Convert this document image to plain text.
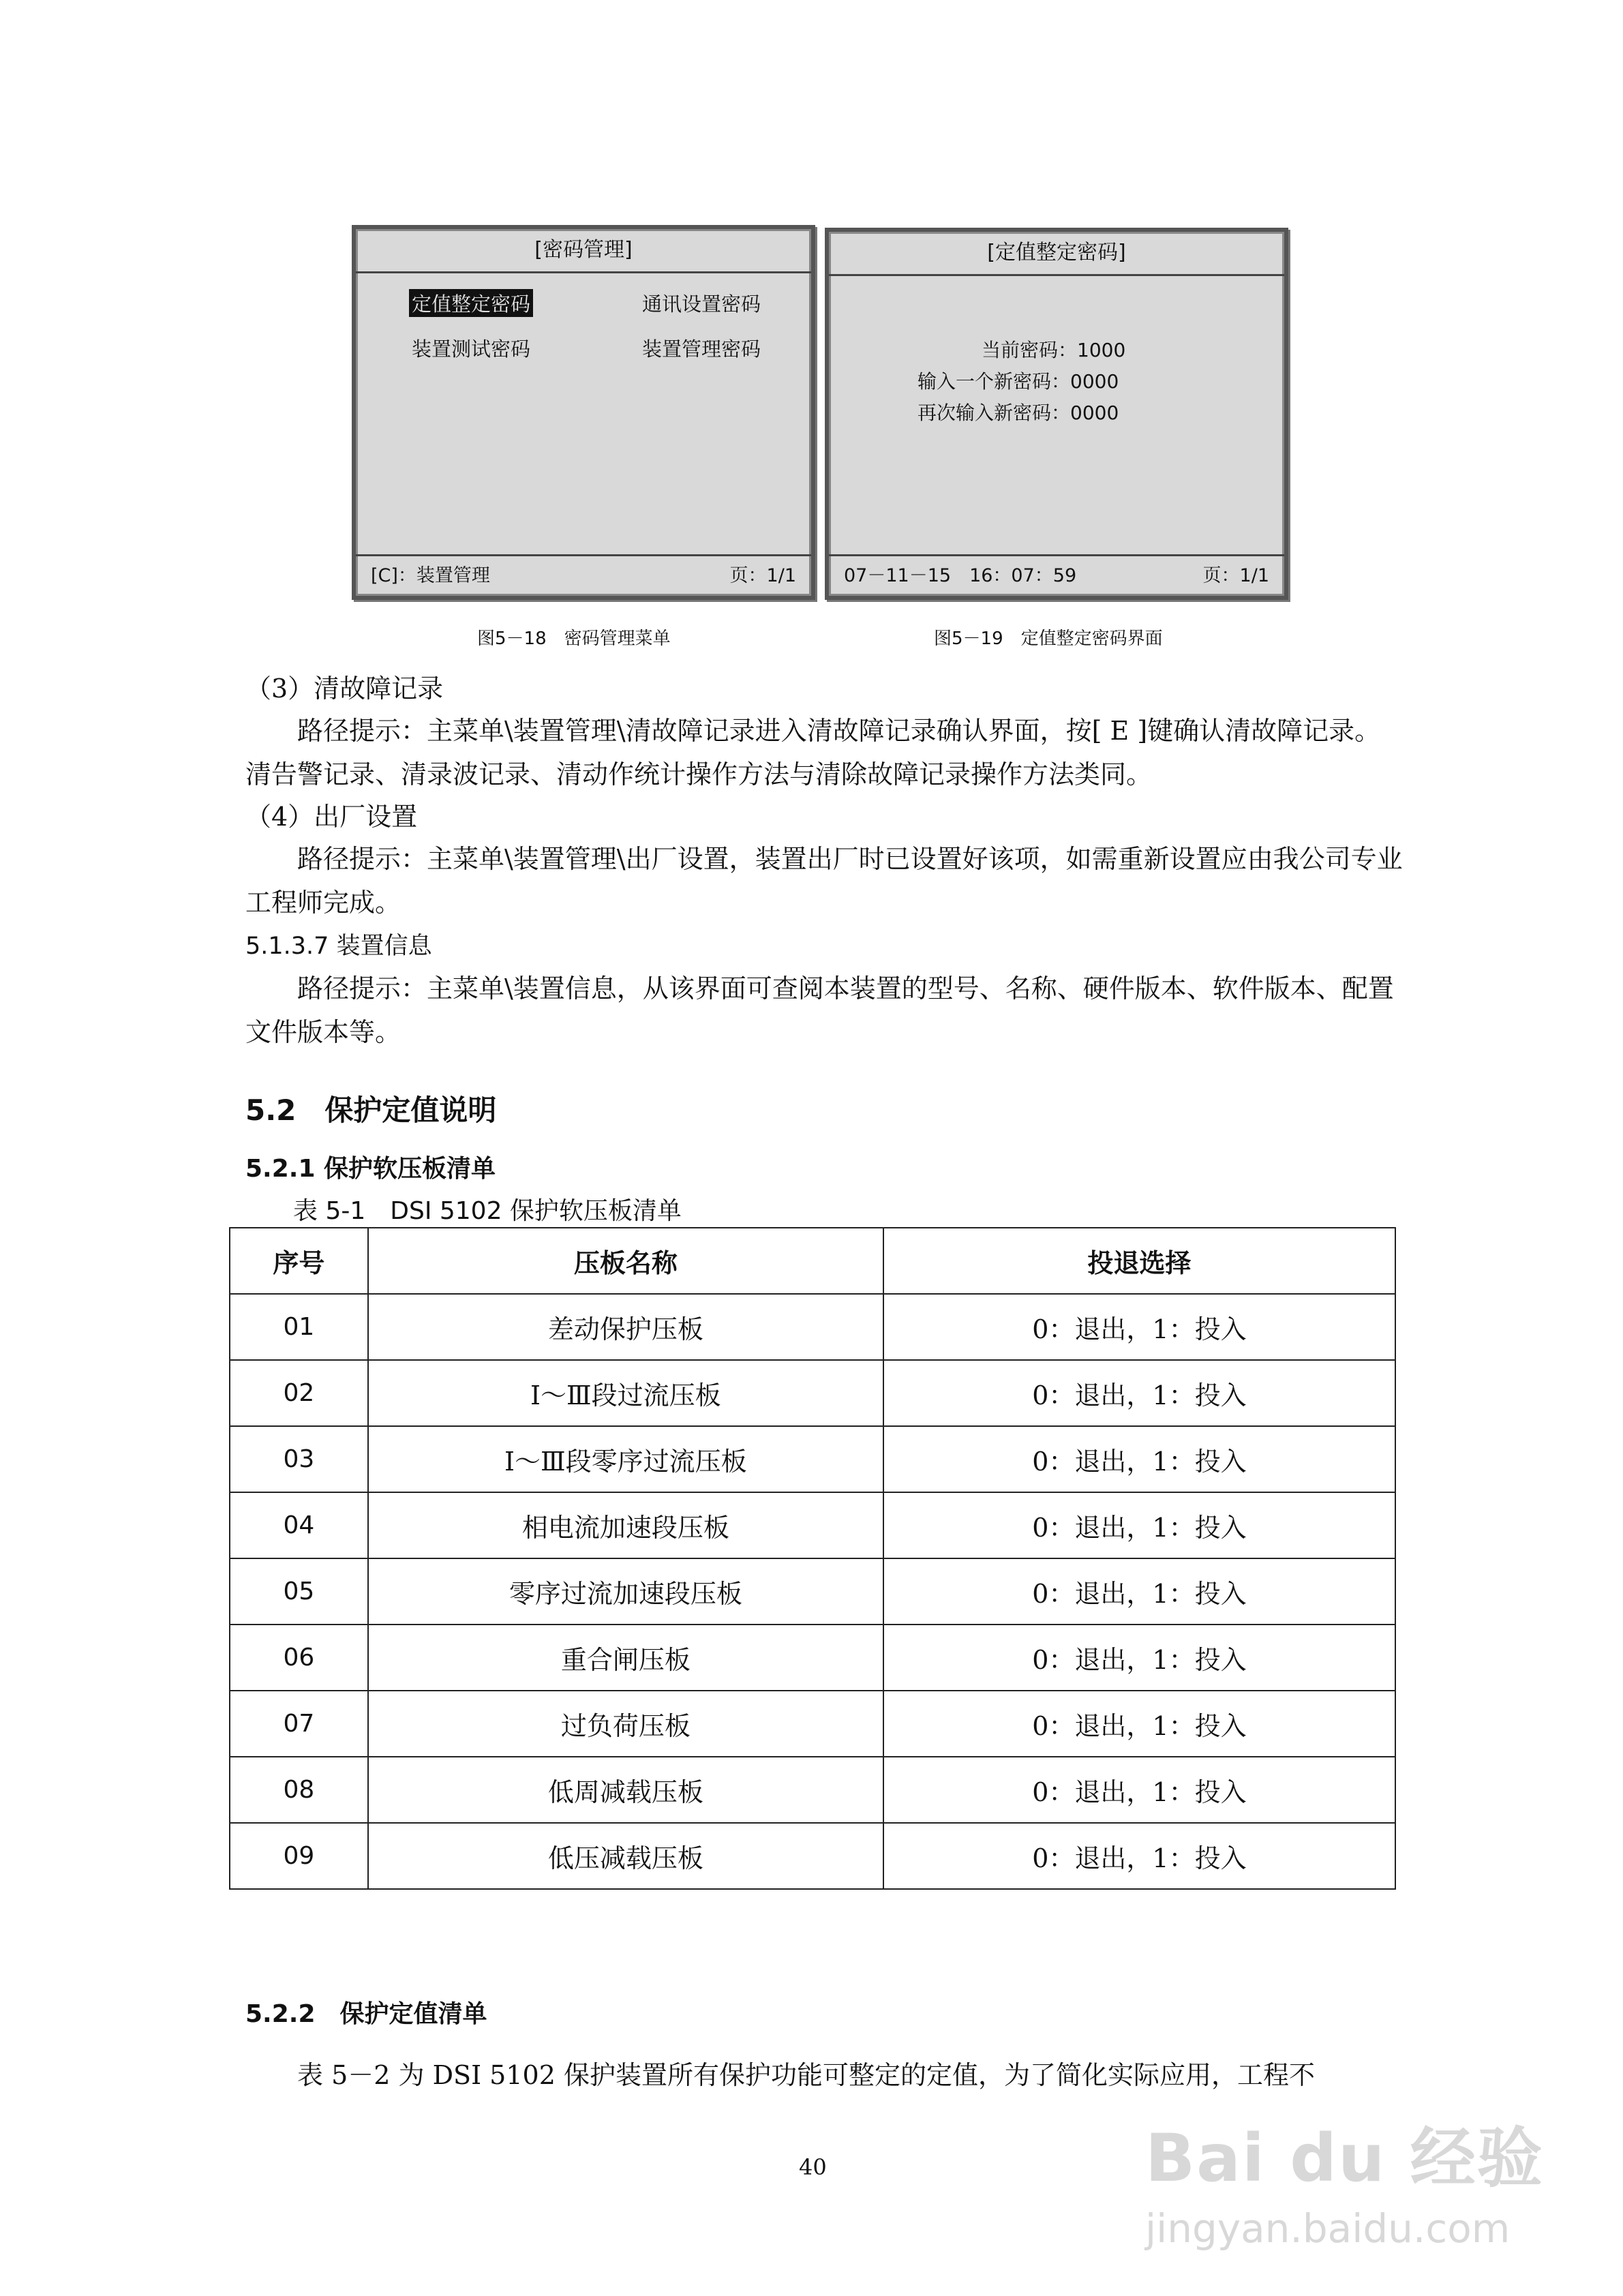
[密码管理]
定值整定密码	通讯设置密码
装置测试密码	装置管理密码
[C]：装置管理	页：1/1
图5－18　密码管理菜单
[定值整定密码]
当前密码：1000
输入一个新密码：0000
再次输入新密码：0000
07－11－15　16：07：59	页：1/1
图5－19　定值整定密码界面
（3）清故障记录
路径提示：主菜单\装置管理\清故障记录进入清故障记录确认界面，按[ E ]键确认清故障记录。清告警记录、清录波记录、清动作统计操作方法与清除故障记录操作方法类同。
（4）出厂设置
路径提示：主菜单\装置管理\出厂设置，装置出厂时已设置好该项，如需重新设置应由我公司专业工程师完成。
5.1.3.7 装置信息
路径提示：主菜单\装置信息，从该界面可查阅本装置的型号、名称、硬件版本、软件版本、配置文件版本等。
5.2　保护定值说明
5.2.1 保护软压板清单
表 5-1　DSI 5102 保护软压板清单
序号	压板名称	投退选择
01	差动保护压板	0：退出，1：投入
02	Ⅰ～Ⅲ段过流压板	0：退出，1：投入
03	Ⅰ～Ⅲ段零序过流压板	0：退出，1：投入
04	相电流加速段压板	0：退出，1：投入
05	零序过流加速段压板	0：退出，1：投入
06	重合闸压板	0：退出，1：投入
07	过负荷压板	0：退出，1：投入
08	低周减载压板	0：退出，1：投入
09	低压减载压板	0：退出，1：投入
5.2.2　保护定值清单
表 5－2 为 DSI 5102 保护装置所有保护功能可整定的定值，为了简化实际应用，工程不
40	Bai du 经验
jingyan.baidu.com
